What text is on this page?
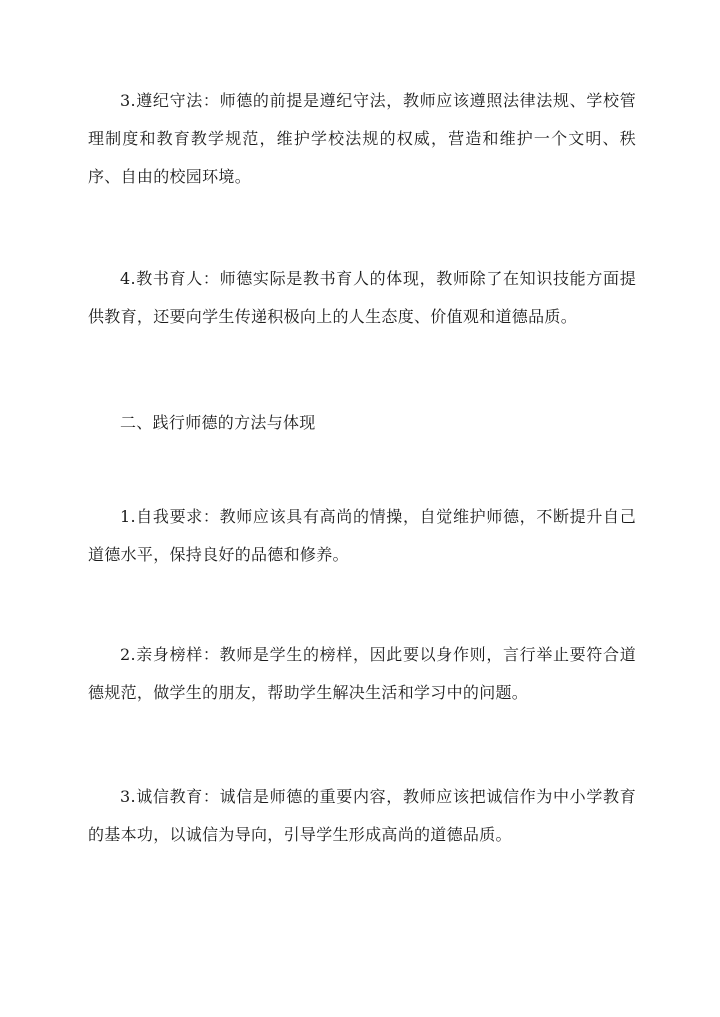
3.遵纪守法：师德的前提是遵纪守法，教师应该遵照法律法规、学校管理制度和教育教学规范，维护学校法规的权威，营造和维护一个文明、秩序、自由的校园环境。

4.教书育人：师德实际是教书育人的体现，教师除了在知识技能方面提供教育，还要向学生传递积极向上的人生态度、价值观和道德品质。

二、践行师德的方法与体现

1.自我要求：教师应该具有高尚的情操，自觉维护师德，不断提升自己道德水平，保持良好的品德和修养。

2.亲身榜样：教师是学生的榜样，因此要以身作则，言行举止要符合道德规范，做学生的朋友，帮助学生解决生活和学习中的问题。

3.诚信教育：诚信是师德的重要内容，教师应该把诚信作为中小学教育的基本功，以诚信为导向，引导学生形成高尚的道德品质。
